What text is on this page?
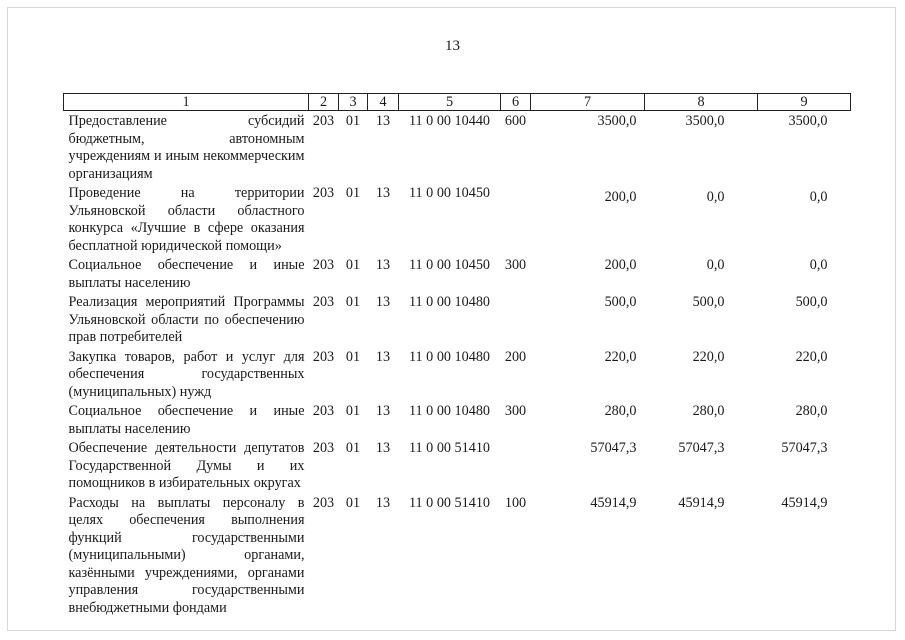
13
1	2	3	4	5	6	7	8	9
Предоставление субсидий бюджетным, автономным учреждениям и иным некоммерческим организациям	203	01	13	11 0 00 10440	600	3500,0	3500,0	3500,0
Проведение на территории Ульяновской области областного конкурса «Лучшие в сфере оказания бесплатной юридической помощи»	203	01	13	11 0 00 10450		200,0	0,0	0,0
Социальное обеспечение и иные выплаты населению	203	01	13	11 0 00 10450	300	200,0	0,0	0,0
Реализация мероприятий Программы Ульяновской области по обеспечению прав потребителей	203	01	13	11 0 00 10480		500,0	500,0	500,0
Закупка товаров, работ и услуг для обеспечения государственных (муниципальных) нужд	203	01	13	11 0 00 10480	200	220,0	220,0	220,0
Социальное обеспечение и иные выплаты населению	203	01	13	11 0 00 10480	300	280,0	280,0	280,0
Обеспечение деятельности депутатов Государственной Думы и их помощников в избирательных округах	203	01	13	11 0 00 51410		57047,3	57047,3	57047,3
Расходы на выплаты персоналу в целях обеспечения выполнения функций государственными (муниципальными) органами, казёнными учреждениями, органами управления государственными внебюджетными фондами	203	01	13	11 0 00 51410	100	45914,9	45914,9	45914,9
